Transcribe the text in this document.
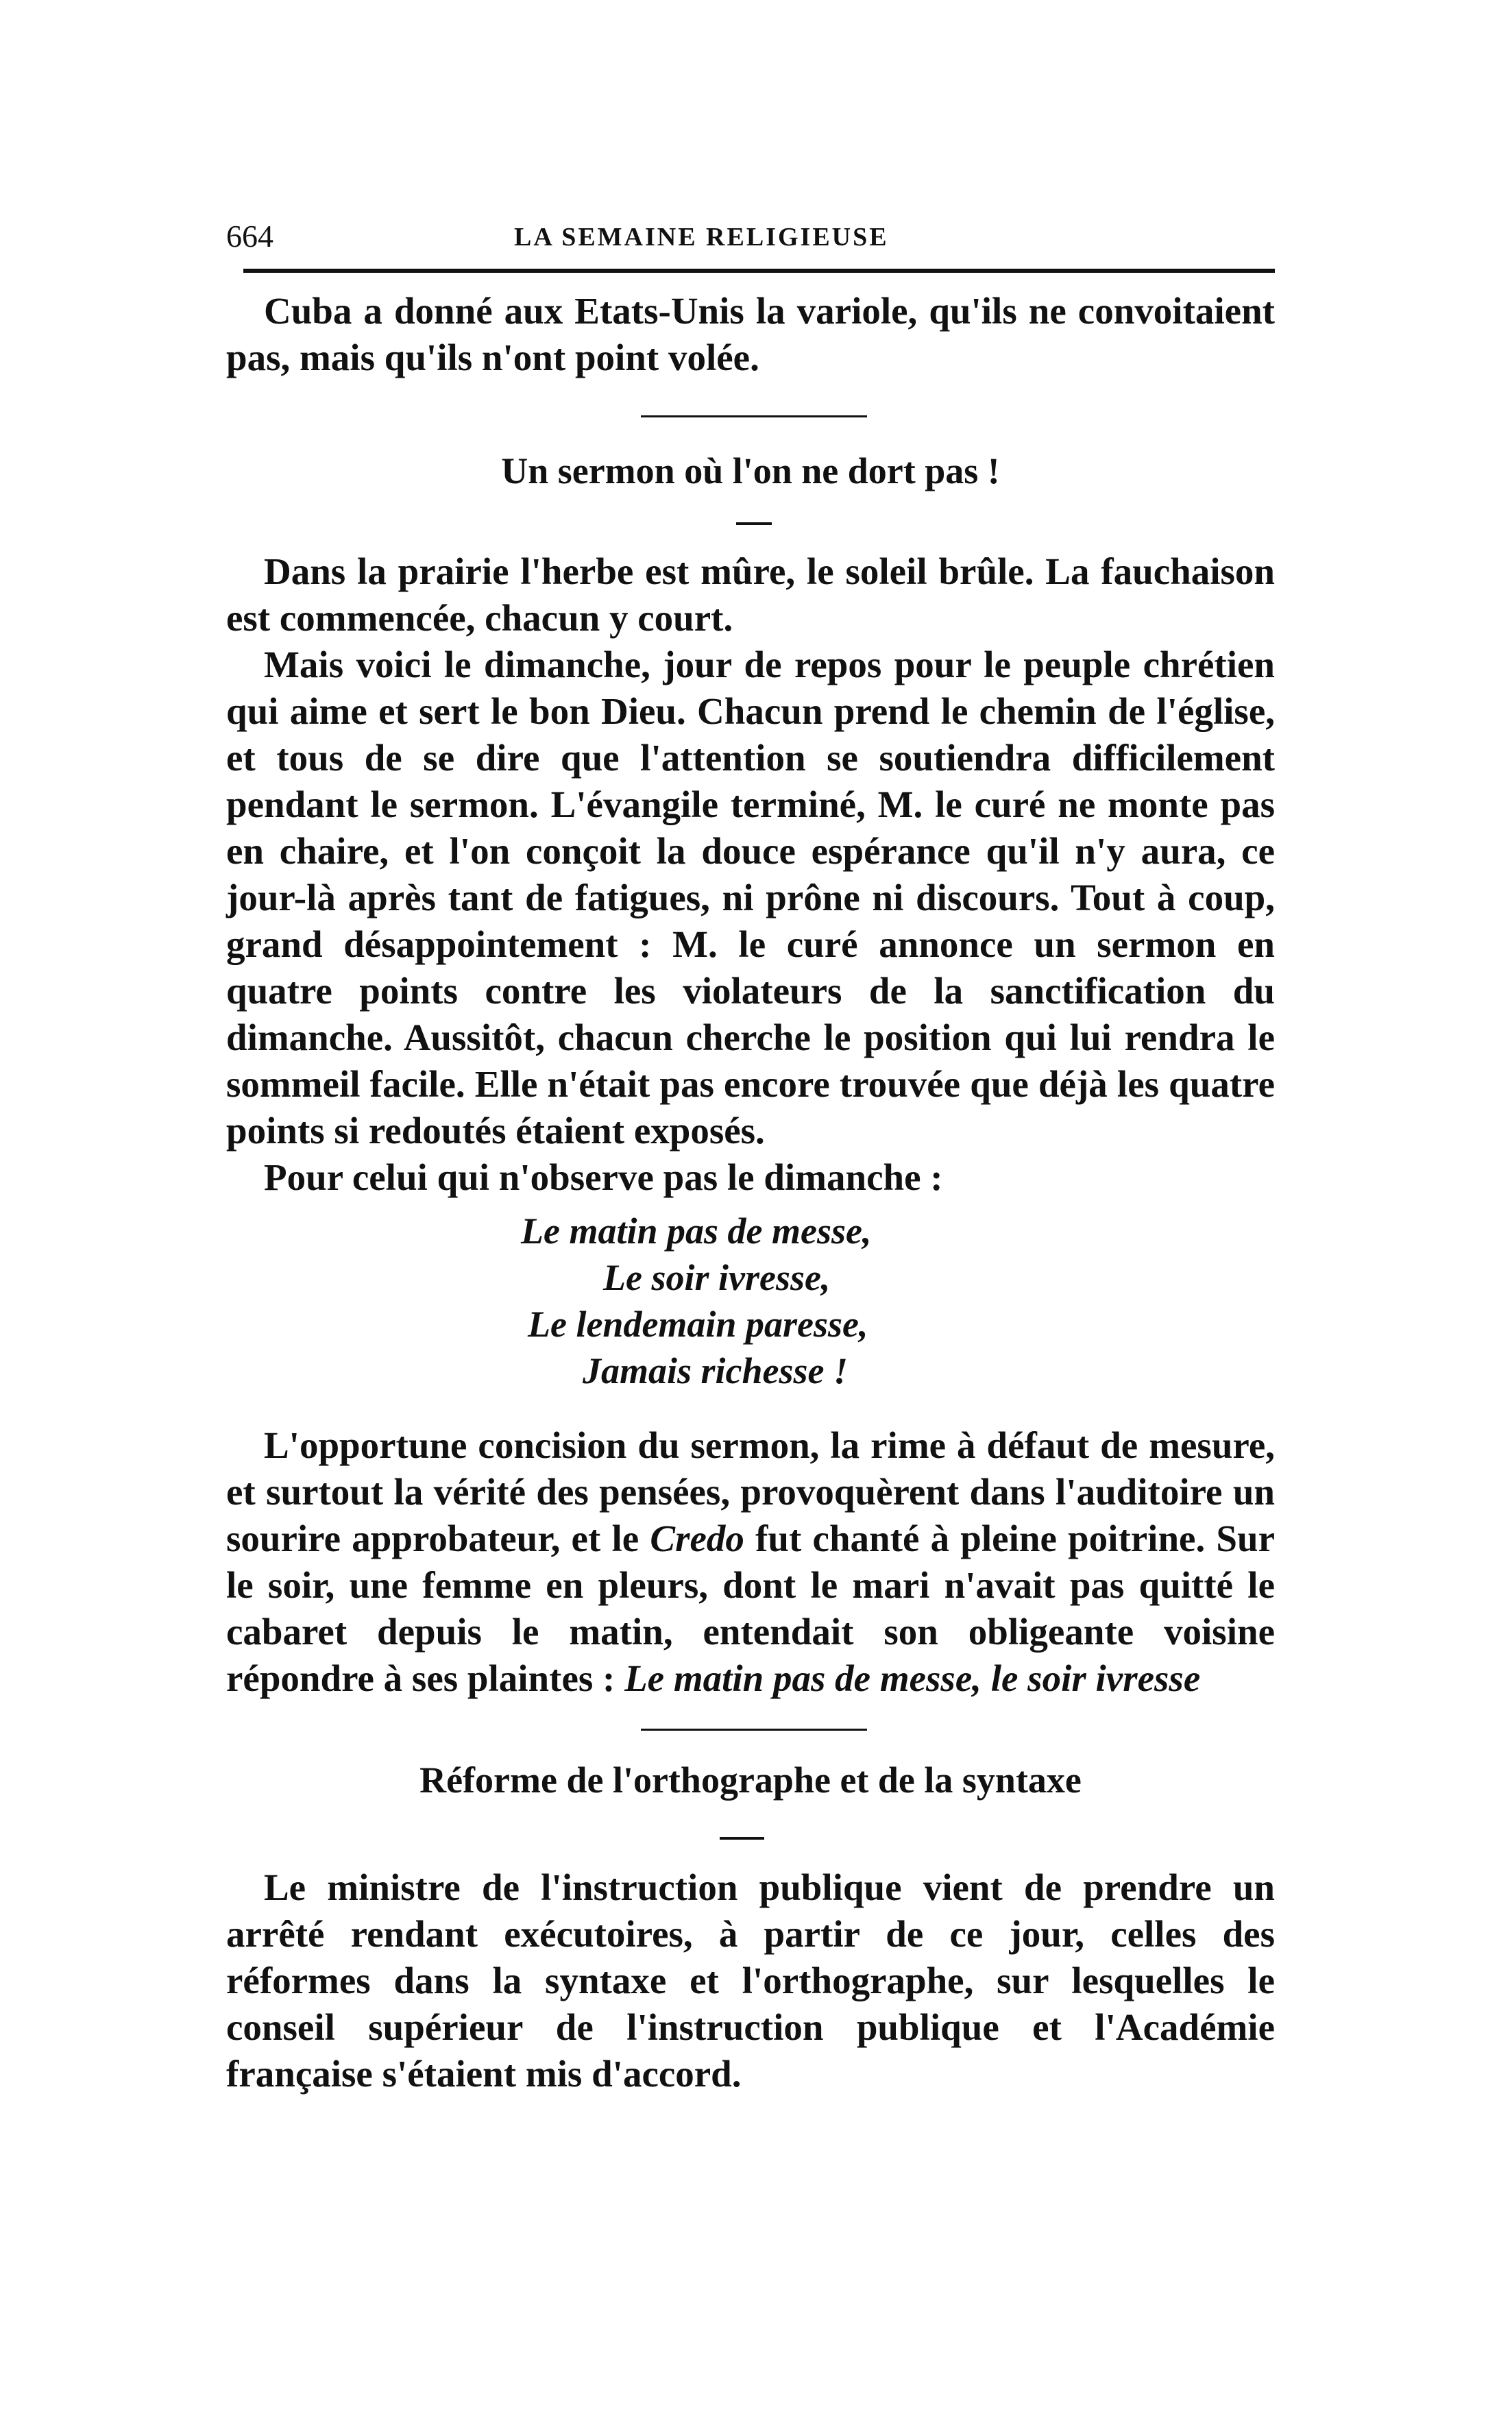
664	LA SEMAINE RELIGIEUSE

Cuba a donné aux Etats-Unis la variole, qu'ils ne convoitaient pas, mais qu'ils n'ont point volée.

Un sermon où l'on ne dort pas !

Dans la prairie l'herbe est mûre, le soleil brûle. La fauchaison est commencée, chacun y court.

Mais voici le dimanche, jour de repos pour le peuple chrétien qui aime et sert le bon Dieu. Chacun prend le chemin de l'église, et tous de se dire que l'attention se soutiendra difficilement pendant le sermon. L'évangile terminé, M. le curé ne monte pas en chaire, et l'on conçoit la douce espérance qu'il n'y aura, ce jour-là après tant de fatigues, ni prône ni discours. Tout à coup, grand désappointement : M. le curé annonce un sermon en quatre points contre les violateurs de la sanctification du dimanche. Aussitôt, chacun cherche le position qui lui rendra le sommeil facile. Elle n'était pas encore trouvée que déjà les quatre points si redoutés étaient exposés.

Pour celui qui n'observe pas le dimanche :

Le matin pas de messe,
Le soir ivresse,
Le lendemain paresse,
Jamais richesse !

L'opportune concision du sermon, la rime à défaut de mesure, et surtout la vérité des pensées, provoquèrent dans l'auditoire un sourire approbateur, et le Credo fut chanté à pleine poitrine. Sur le soir, une femme en pleurs, dont le mari n'avait pas quitté le cabaret depuis le matin, entendait son obligeante voisine répondre à ses plaintes : Le matin pas de messe, le soir ivresse

Réforme de l'orthographe et de la syntaxe

Le ministre de l'instruction publique vient de prendre un arrêté rendant exécutoires, à partir de ce jour, celles des réformes dans la syntaxe et l'orthographe, sur lesquelles le conseil supérieur de l'instruction publique et l'Académie française s'étaient mis d'accord.
